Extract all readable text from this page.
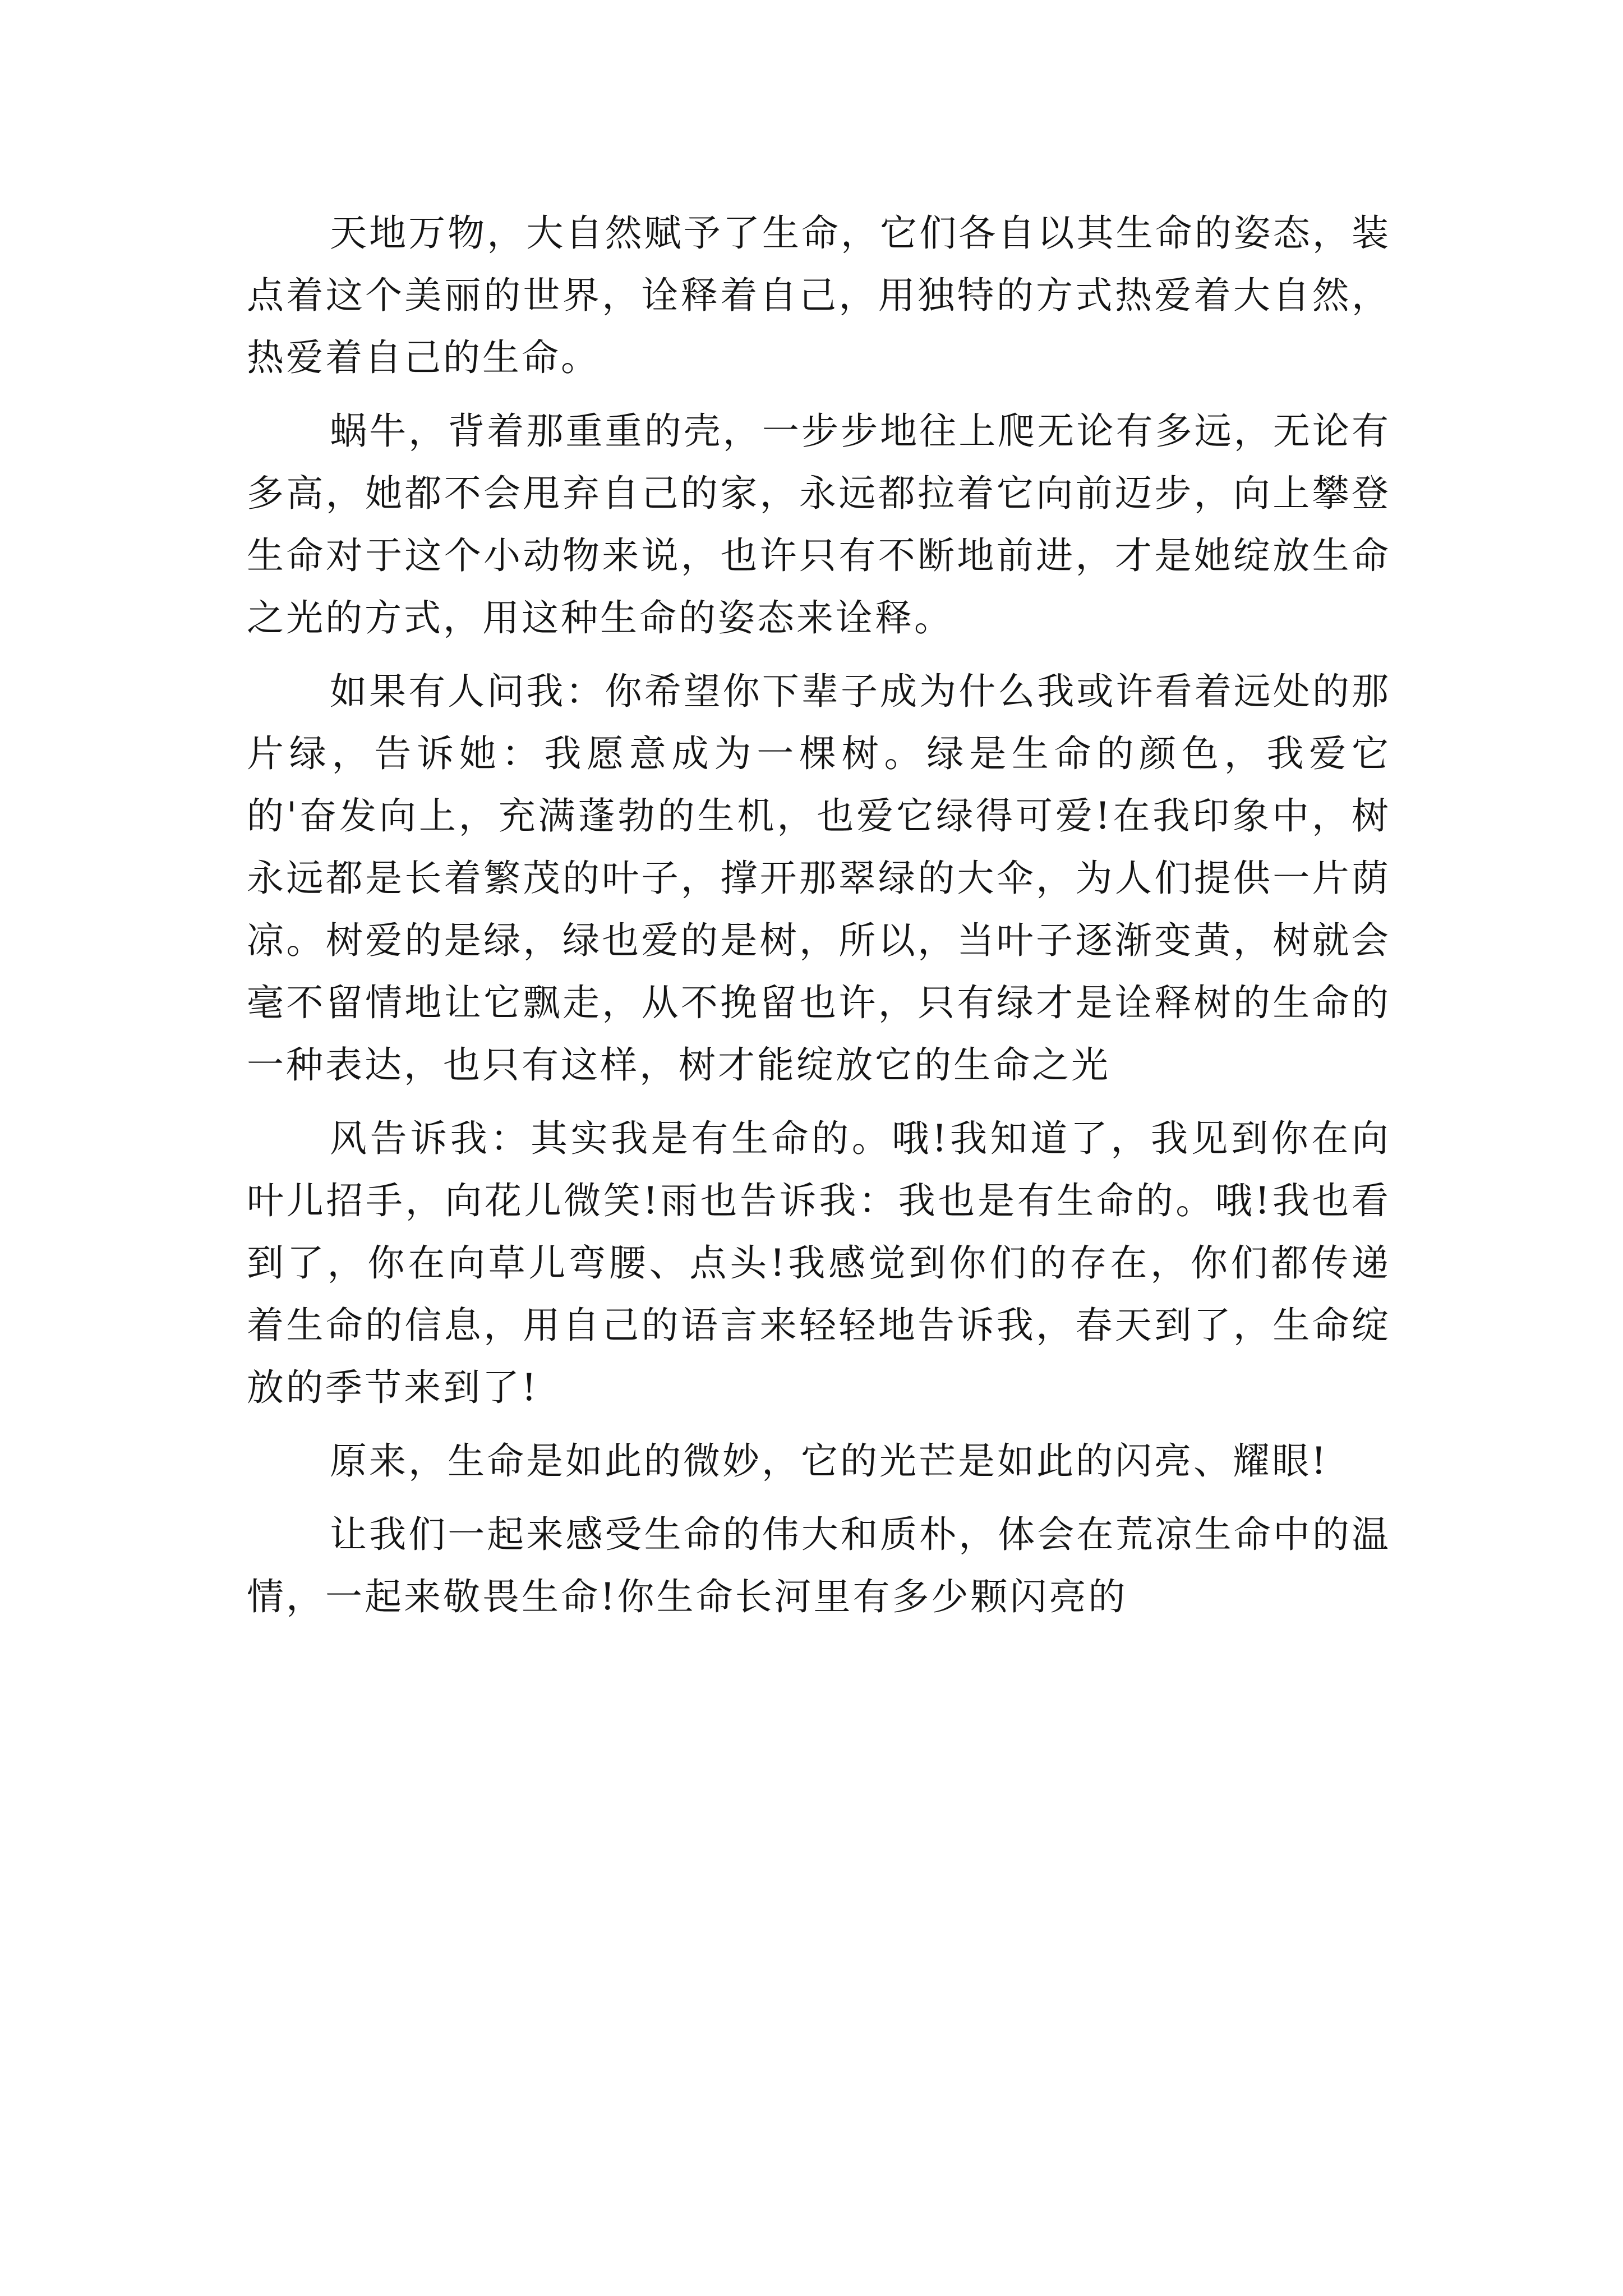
天地万物，大自然赋予了生命，它们各自以其生命的姿态，装点着这个美丽的世界，诠释着自己，用独特的方式热爱着大自然，热爱着自己的生命。

蜗牛，背着那重重的壳，一步步地往上爬无论有多远，无论有多高，她都不会甩弃自己的家，永远都拉着它向前迈步，向上攀登生命对于这个小动物来说，也许只有不断地前进，才是她绽放生命之光的方式，用这种生命的姿态来诠释。

如果有人问我：你希望你下辈子成为什么我或许看着远处的那片绿，告诉她：我愿意成为一棵树。绿是生命的颜色，我爱它的'奋发向上，充满蓬勃的生机，也爱它绿得可爱!在我印象中，树永远都是长着繁茂的叶子，撑开那翠绿的大伞，为人们提供一片荫凉。树爱的是绿，绿也爱的是树，所以，当叶子逐渐变黄，树就会毫不留情地让它飘走，从不挽留也许，只有绿才是诠释树的生命的一种表达，也只有这样，树才能绽放它的生命之光

风告诉我：其实我是有生命的。哦!我知道了，我见到你在向叶儿招手，向花儿微笑!雨也告诉我：我也是有生命的。哦!我也看到了，你在向草儿弯腰、点头!我感觉到你们的存在，你们都传递着生命的信息，用自己的语言来轻轻地告诉我，春天到了，生命绽放的季节来到了!

原来，生命是如此的微妙，它的光芒是如此的闪亮、耀眼!

让我们一起来感受生命的伟大和质朴，体会在荒凉生命中的温情，一起来敬畏生命!你生命长河里有多少颗闪亮的
